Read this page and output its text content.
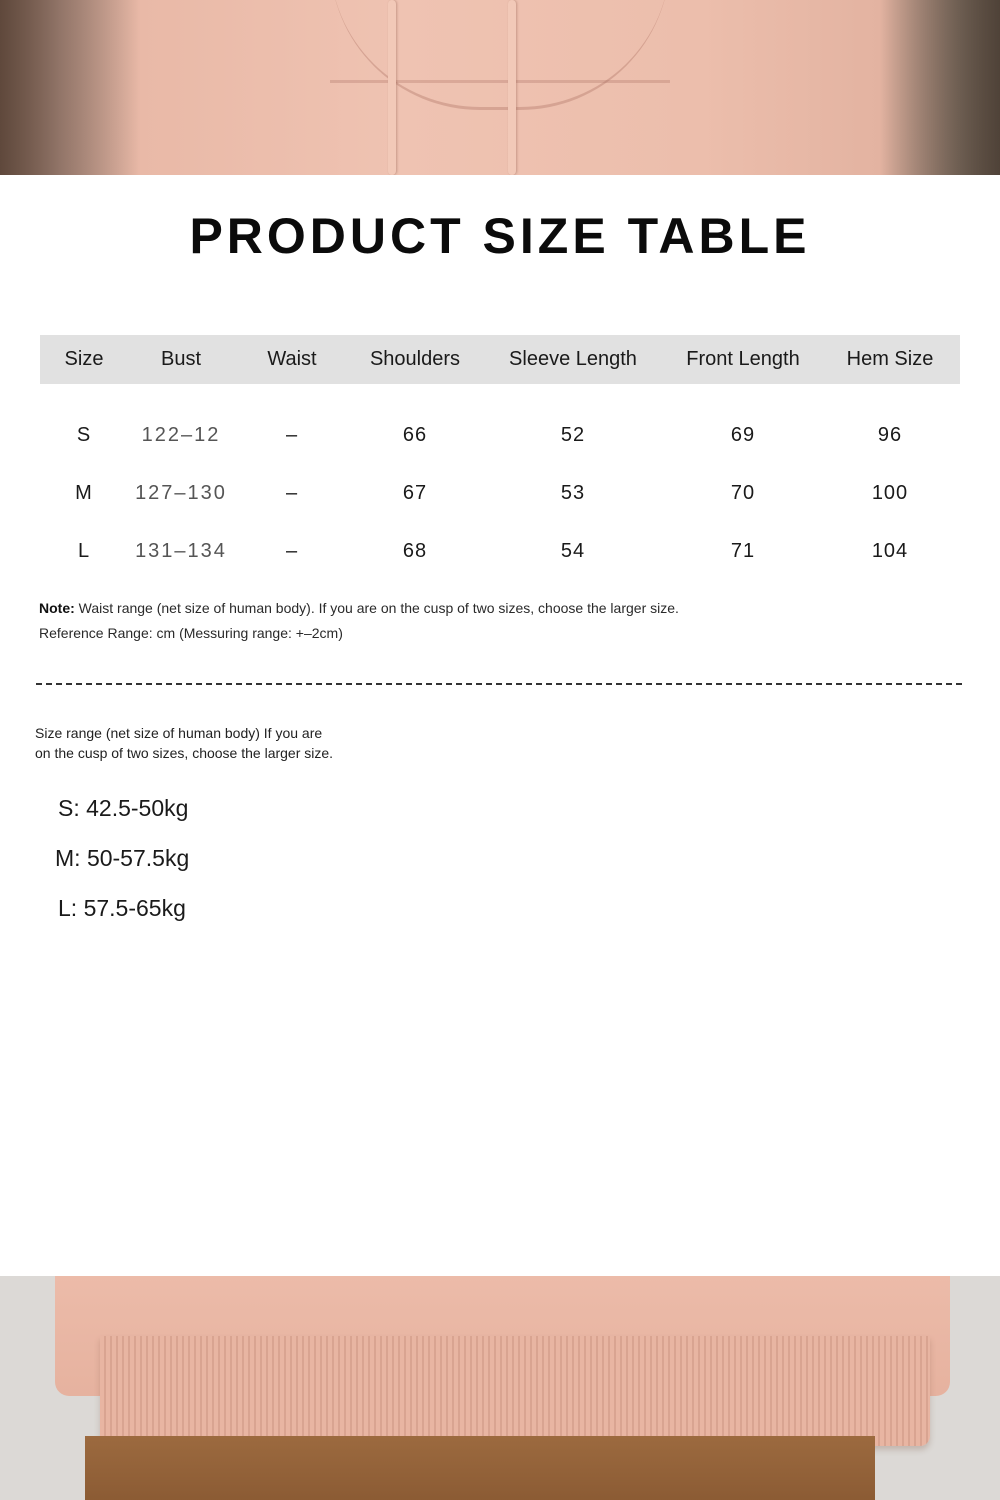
PRODUCT SIZE TABLE
Size	Bust	Waist	Shoulders	Sleeve Length	Front Length	Hem Size

S	122–12	–	66	52	69	96
M	127–130	–	67	53	70	100
L	131–134	–	68	54	71	104
Note: Waist range (net size of human body). If you are on the cusp of two sizes, choose the larger size.
Reference Range: cm (Messuring range: +–2cm)
Size range (net size of human body) If you are
on the cusp of two sizes, choose the larger size.
S: 42.5-50kg
M: 50-57.5kg
L: 57.5-65kg
